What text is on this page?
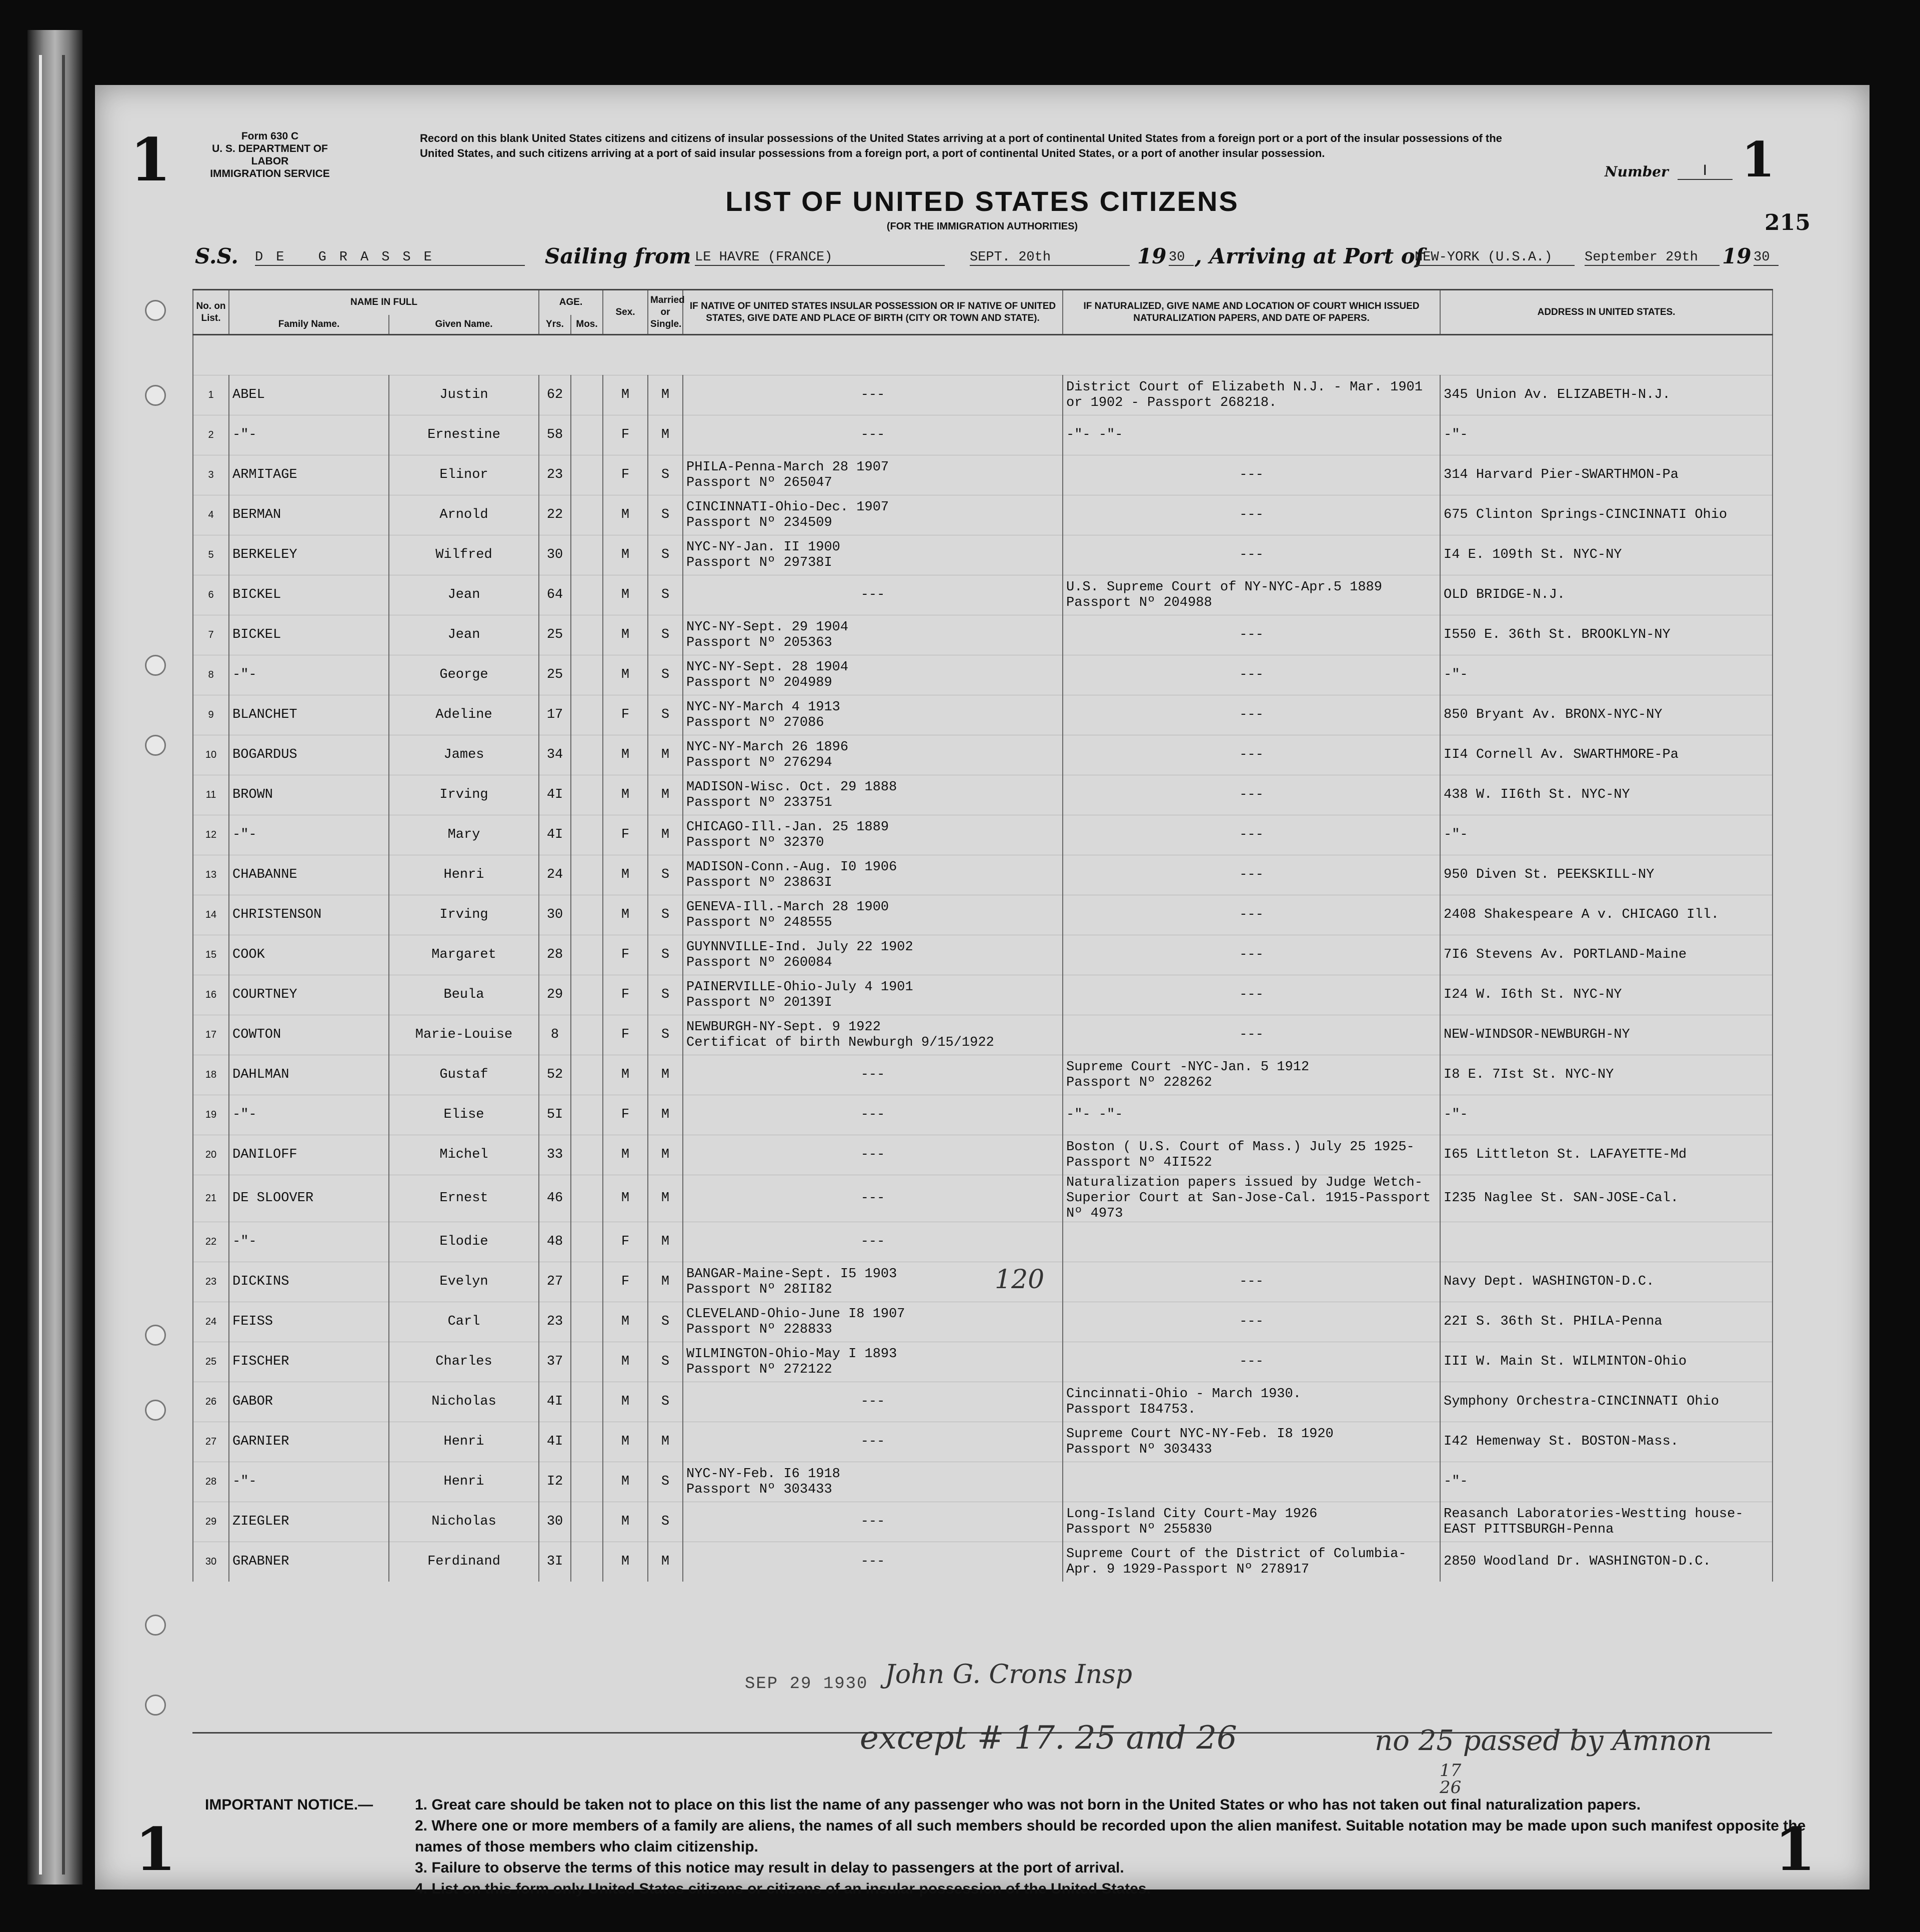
1	Form 630 C
U. S. DEPARTMENT OF LABOR
IMMIGRATION SERVICE
Record on this blank United States citizens and citizens of insular possessions of the United States arriving at a port of continental United States from a foreign port or a port of the insular possessions of the United States, and such citizens arriving at a port of said insular possessions from a foreign port, a port of continental United States, or a port of another insular possession.
Number	I 1
LIST OF UNITED STATES CITIZENS
(FOR THE IMMIGRATION AUTHORITIES)	215
S.S. DE GRASSE	Sailing from LE HAVRE (FRANCE)	SEPT. 20th	19 30 , Arriving at Port of
NEW-YORK (U.S.A.)	September 29th	19 30
No. on List.	NAME IN FULL		AGE.		Sex.	Married or Single.	IF NATIVE OF UNITED STATES INSULAR POSSESSION OR IF NATIVE OF UNITED STATES, GIVE DATE AND PLACE OF BIRTH (CITY OR TOWN AND STATE).	IF NATURALIZED, GIVE NAME AND LOCATION OF COURT WHICH ISSUED NATURALIZATION PAPERS, AND DATE OF PAPERS.	ADDRESS IN UNITED STATES.
	Family Name.	Given Name.	Yrs.	Mos.					

1	ABEL	Justin	62		M	M	---	District Court of Elizabeth N.J. - Mar. 1901 or 1902 - Passport 268218.	345 Union Av. ELIZABETH-N.J.
2	-"-	Ernestine	58		F	M	---	-"- -"-	-"-
3	ARMITAGE	Elinor	23		F	S	PHILA-Penna-March 28 1907
Passport Nº 265047	---	314 Harvard Pier-SWARTHMON-Pa
4	BERMAN	Arnold	22		M	S	CINCINNATI-Ohio-Dec. 1907
Passport Nº 234509	---	675 Clinton Springs-CINCINNATI Ohio
5	BERKELEY	Wilfred	30		M	S	NYC-NY-Jan. II 1900
Passport Nº 29738I	---	I4 E. 109th St. NYC-NY
6	BICKEL	Jean	64		M	S	---	U.S. Supreme Court of NY-NYC-Apr.5 1889
Passport Nº 204988	OLD BRIDGE-N.J.
7	BICKEL	Jean	25		M	S	NYC-NY-Sept. 29 1904
Passport Nº 205363	---	I550 E. 36th St. BROOKLYN-NY
8	-"-	George	25		M	S	NYC-NY-Sept. 28 1904
Passport Nº 204989	---	-"-
9	BLANCHET	Adeline	17		F	S	NYC-NY-March 4 1913
Passport Nº 27086	---	850 Bryant Av. BRONX-NYC-NY
10	BOGARDUS	James	34		M	M	NYC-NY-March 26 1896
Passport Nº 276294	---	II4 Cornell Av. SWARTHMORE-Pa
11	BROWN	Irving	4I		M	M	MADISON-Wisc. Oct. 29 1888
Passport Nº 233751	---	438 W. II6th St. NYC-NY
12	-"-	Mary	4I		F	M	CHICAGO-Ill.-Jan. 25 1889
Passport Nº 32370	---	-"-
13	CHABANNE	Henri	24		M	S	MADISON-Conn.-Aug. I0 1906
Passport Nº 23863I	---	950 Diven St. PEEKSKILL-NY
14	CHRISTENSON	Irving	30		M	S	GENEVA-Ill.-March 28 1900
Passport Nº 248555	---	2408 Shakespeare A v. CHICAGO Ill.
15	COOK	Margaret	28		F	S	GUYNNVILLE-Ind. July 22 1902
Passport Nº 260084	---	7I6 Stevens Av. PORTLAND-Maine
16	COURTNEY	Beula	29		F	S	PAINERVILLE-Ohio-July 4 1901
Passport Nº 20139I	---	I24 W. I6th St. NYC-NY
17	COWTON	Marie-Louise	8		F	S	NEWBURGH-NY-Sept. 9 1922
Certificat of birth Newburgh 9/15/1922	---	NEW-WINDSOR-NEWBURGH-NY
18	DAHLMAN	Gustaf	52		M	M	---	Supreme Court -NYC-Jan. 5 1912
Passport Nº 228262	I8 E. 7Ist St. NYC-NY
19	-"-	Elise	5I		F	M	---	-"- -"-	-"-
20	DANILOFF	Michel	33		M	M	---	Boston ( U.S. Court of Mass.) July 25 1925-Passport Nº 4II522	I65 Littleton St. LAFAYETTE-Md
21	DE SLOOVER	Ernest	46		M	M	---	Naturalization papers issued by Judge Wetch-Superior Court at San-Jose-Cal. 1915-Passport Nº 4973	I235 Naglee St. SAN-JOSE-Cal.
22	-"-	Elodie	48		F	M	---		
23	DICKINS	Evelyn	27		F	M	BANGAR-Maine-Sept. I5 1903
Passport Nº 28II82	---	Navy Dept. WASHINGTON-D.C.
24	FEISS	Carl	23		M	S	CLEVELAND-Ohio-June I8 1907
Passport Nº 228833	---	22I S. 36th St. PHILA-Penna
25	FISCHER	Charles	37		M	S	WILMINGTON-Ohio-May I 1893
Passport Nº 272122	---	III W. Main St. WILMINTON-Ohio
26	GABOR	Nicholas	4I		M	S	---	Cincinnati-Ohio - March 1930.
Passport I84753.	Symphony Orchestra-CINCINNATI Ohio
27	GARNIER	Henri	4I		M	M	---	Supreme Court NYC-NY-Feb. I8 1920
Passport Nº 303433	I42 Hemenway St. BOSTON-Mass.
28	-"-	Henri	I2		M	S	NYC-NY-Feb. I6 1918
Passport Nº 303433		-"-
29	ZIEGLER	Nicholas	30		M	S	---	Long-Island City Court-May 1926
Passport Nº 255830	Reasanch Laboratories-Westting house-EAST PITTSBURGH-Penna
30	GRABNER	Ferdinand	3I		M	M	---	Supreme Court of the District of Columbia-Apr. 9 1929-Passport Nº 278917	2850 Woodland Dr. WASHINGTON-D.C.
SEP 29 1930 John G. Crons Insp
120
except # 17. 25 and 26	no 25 passed by Amnon
17
26
IMPORTANT NOTICE.—	1. Great care should be taken not to place on this list the name of any passenger who was not born in the United States or who has not taken out final naturalization papers.
2. Where one or more members of a family are aliens, the names of all such members should be recorded upon the alien manifest. Suitable notation may be made upon such manifest opposite the names of those members who claim citizenship.
3. Failure to observe the terms of this notice may result in delay to passengers at the port of arrival.
4. List on this form only United States citizens or citizens of an insular possession of the United States.
1	1
